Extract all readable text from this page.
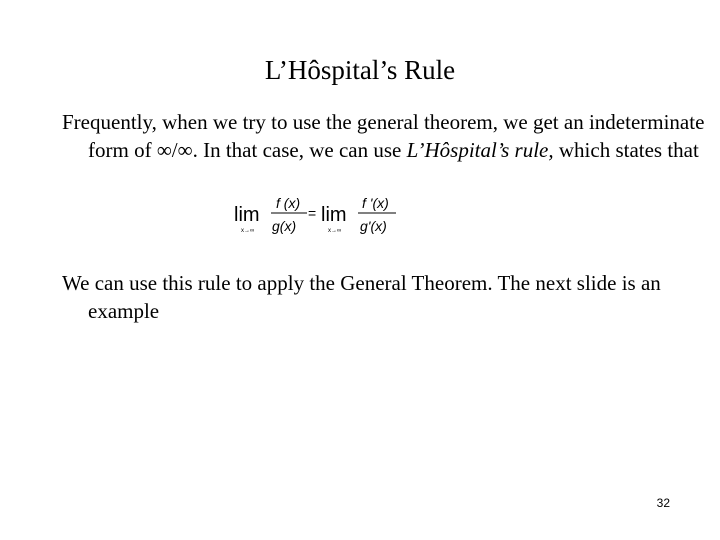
L’Hôspital’s Rule
Frequently, when we try to use the general theorem, we get an indeterminate form of ∞/∞. In that case, we can use L’Hôspital’s rule, which states that
lim
x→∞
f (x)
g(x)
= lim
x→∞
f '(x)
g'(x)
We can use this rule to apply the General Theorem. The next slide is an example
32
